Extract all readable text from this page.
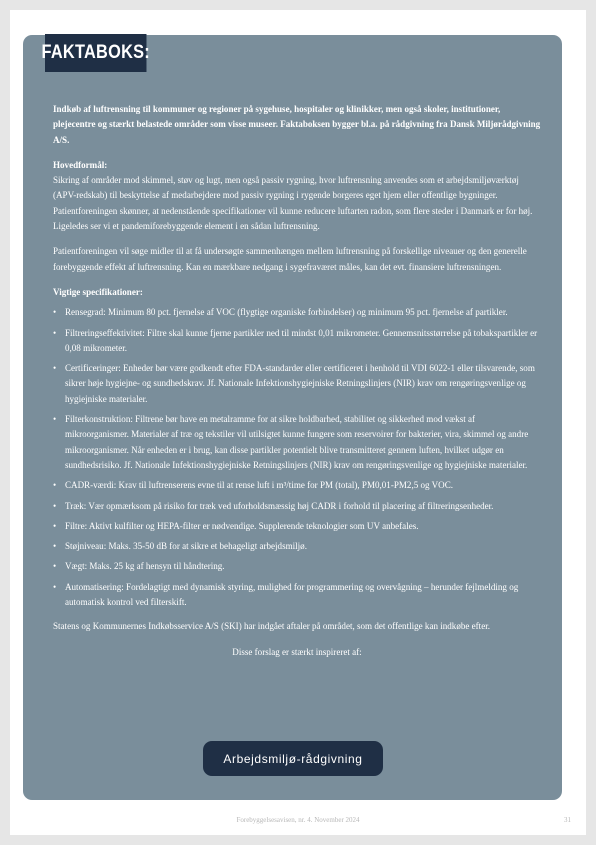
FAKTABOKS:

Indkøb af luftrensning til kommuner og regioner på sygehuse, hospitaler og klinikker, men også skoler, institutioner, plejecentre og stærkt belastede områder som visse museer. Faktaboksen bygger bl.a. på rådgivning fra Dansk Miljørådgivning A/S.

Hovedformål:
Sikring af områder mod skimmel, støv og lugt, men også passiv rygning, hvor luftrensning anvendes som et arbejdsmiljøværktøj (APV-redskab) til beskyttelse af medarbejdere mod passiv rygning i rygende borgeres eget hjem eller offentlige bygninger. Patientforeningen skønner, at nedenstående specifikationer vil kunne reducere luftarten radon, som flere steder i Danmark er for høj. Ligeledes ser vi et pandemiforebyggende element i en sådan luftrensning.

Patientforeningen vil søge midler til at få undersøgte sammenhængen mellem luftrensning på forskellige niveauer og den generelle forebyggende effekt af luftrensning. Kan en mærkbare nedgang i sygefraværet måles, kan det evt. finansiere luftrensningen.

Vigtige specifikationer:

• Rensegrad: Minimum 80 pct. fjernelse af VOC (flygtige organiske forbindelser) og minimum 95 pct. fjernelse af partikler.
• Filtreringseffektivitet: Filtre skal kunne fjerne partikler ned til mindst 0,01 mikrometer. Gennemsnitsstørrelse på tobakspartikler er 0,08 mikrometer.
• Certificeringer: Enheder bør være godkendt efter FDA-standarder eller certificeret i henhold til VDI 6022-1 eller tilsvarende, som sikrer høje hygiejne- og sundhedskrav. Jf. Nationale Infektionshygiejniske Retningslinjers (NIR) krav om rengøringsvenlige og hygiejniske materialer.
• Filterkonstruktion: Filtrene bør have en metalramme for at sikre holdbarhed, stabilitet og sikkerhed mod vækst af mikroorganismer. Materialer af træ og tekstiler vil utilsigtet kunne fungere som reservoirer for bakterier, vira, skimmel og andre mikroorganismer. Når enheden er i brug, kan disse partikler potentielt blive transmitteret gennem luften, hvilket udgør en sundhedsrisiko. Jf. Nationale Infektionshygiejniske Retningslinjers (NIR) krav om rengøringsvenlige og hygiejniske materialer.
• CADR-værdi: Krav til luftrenserens evne til at rense luft i m³/time for PM (total), PM0,01-PM2,5 og VOC.
• Træk: Vær opmærksom på risiko for træk ved uforholdsmæssig høj CADR i forhold til placering af filtreringsenheder.
• Filtre: Aktivt kulfilter og HEPA-filter er nødvendige. Supplerende teknologier som UV anbefales.
• Støjniveau: Maks. 35-50 dB for at sikre et behageligt arbejdsmiljø.
• Vægt: Maks. 25 kg af hensyn til håndtering.
• Automatisering: Fordelagtigt med dynamisk styring, mulighed for programmering og overvågning – herunder fejlmelding og automatisk kontrol ved filterskift.

Statens og Kommunernes Indkøbsservice A/S (SKI) har indgået aftaler på området, som det offentlige kan indkøbe efter.

Disse forslag er stærkt inspireret af:

Arbejdsmiljø-rådgivning
Forebyggelsesavisen, nr. 4. November 2024	31
